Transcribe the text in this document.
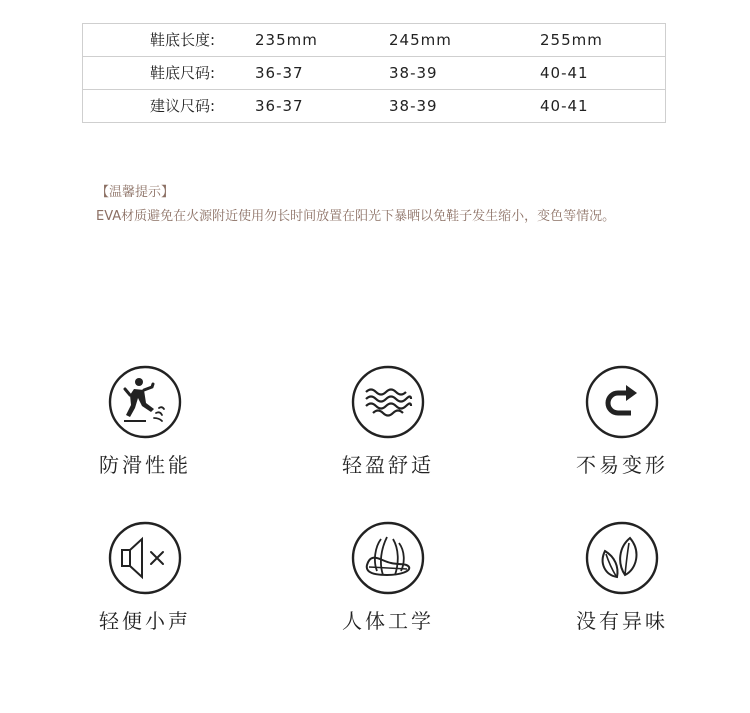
鞋底长度:	235mm	245mm	255mm
鞋底尺码:	36-37	38-39	40-41
建议尺码:	36-37	38-39	40-41
【温馨提示】
EVA材质避免在火源附近使用勿长时间放置在阳光下暴晒以免鞋子发生缩小，变色等情况。
防滑性能	轻盈舒适	不易变形
轻便小声	人体工学	没有异味
